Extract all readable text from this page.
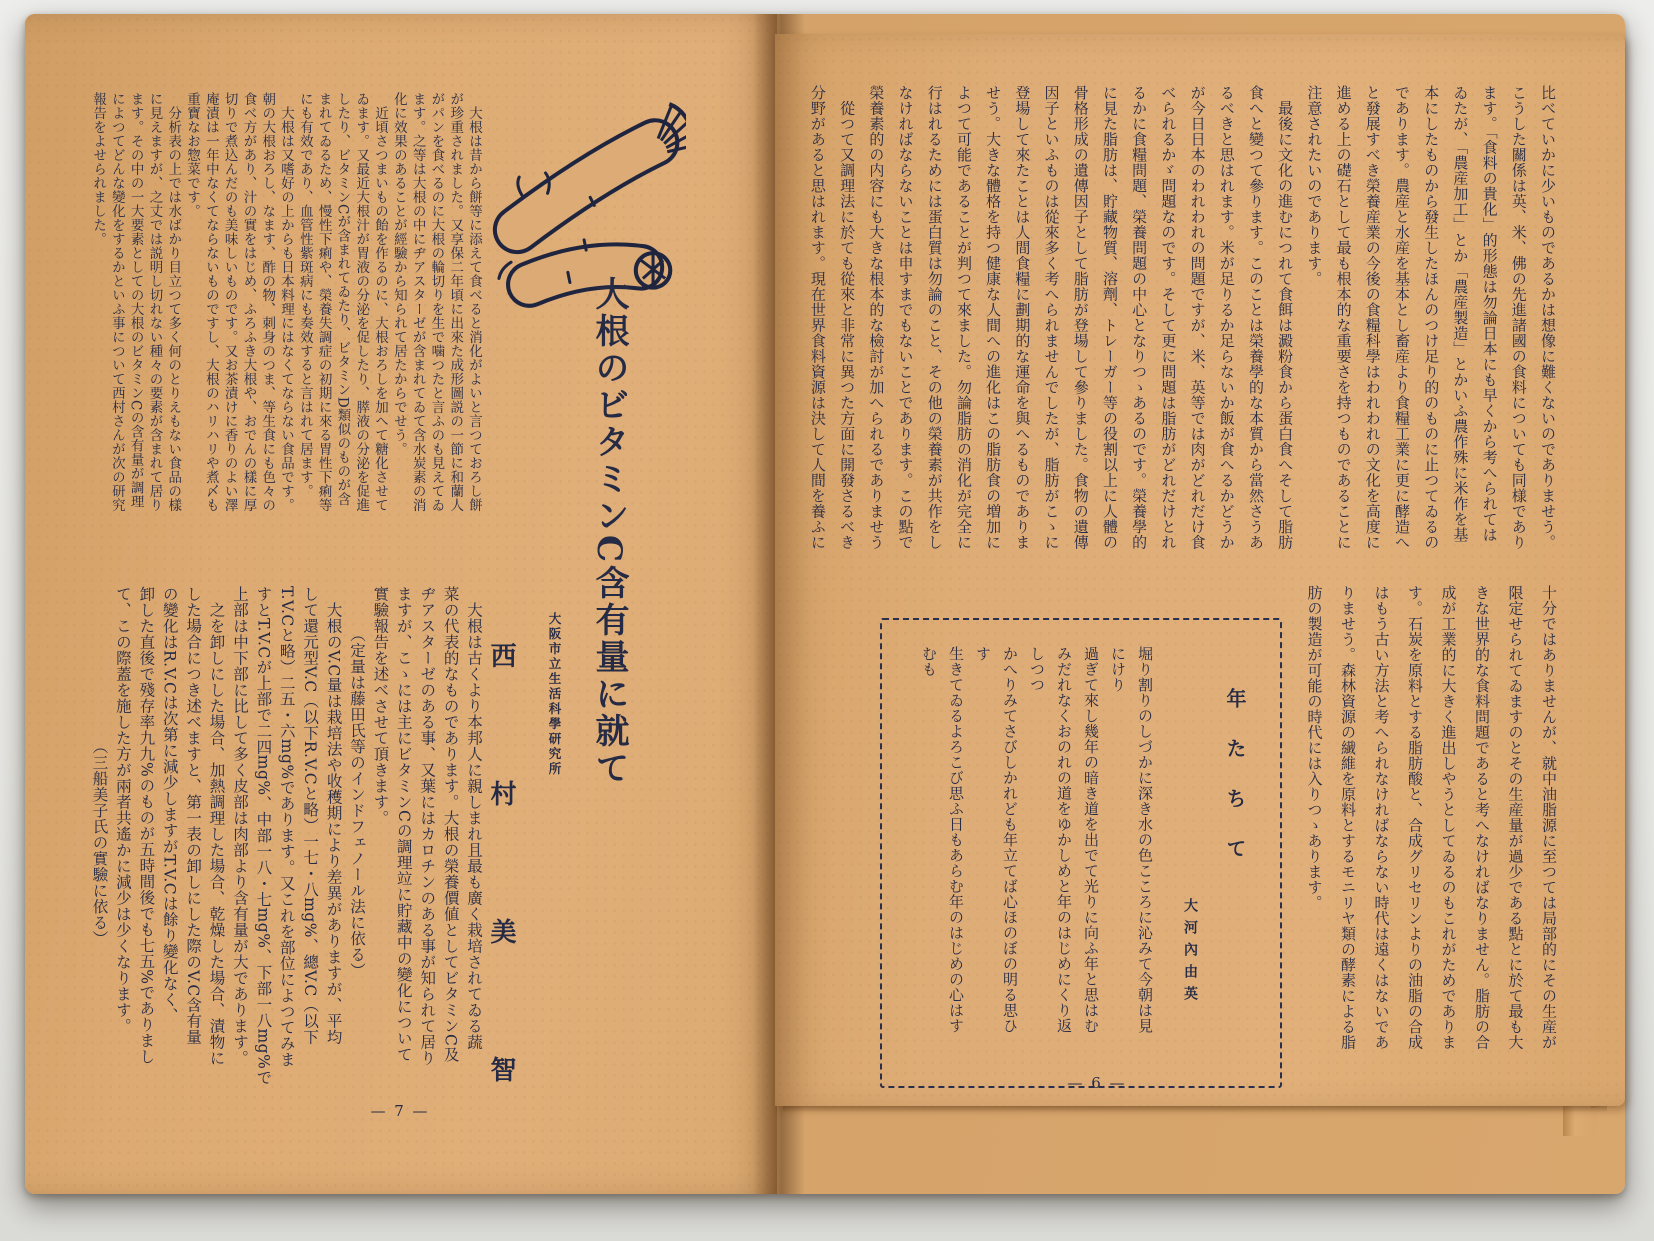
　大根は昔から餅等に添えて食べると消化がよいと言つておろし餅

が珍重されました。又享保二年頃に出來た成形圖説の一節に和蘭人

がパンを食べるのに大根の輪切りを生で噛つたと言ふのも見えてゐ

ます。之等は大根の中にヂアスターゼが含まれてゐて含水炭素の消

化に效果のあることが經驗から知られて居たからでせう。

　近頃さつまいもの飴を作るのに、大根おろしを加へて糖化させて

ゐます。又最近大根汁が胃液の分泌を促したり、膵液の分泌を促進

したり、ビタミンCが含まれてゐたり、ビタミンD類似のものが含

まれてゐるため、慢性下痢や、榮養失調症の初期に來る胃性下痢等

にも有效であり、血管性紫斑病にも奏效すると言はれて居ます。

　大根は又嗜好の上からも日本料理にはなくてならない食品です。

朝の大根おろし、なます、酢の物、刺身のつま、等生食にも色々の

食べ方があり、汁の實をはじめ、ふろふき大根や、おでんの樣に厚

切りで煮込んだのも美味しいものです。又お茶漬けに香りのよい澤

庵漬は一年中なくてならないものですし、大根のハリハリや煮〆も

重寶なお惣菜です。

　分析表の上では水ばかり目立つて多く何のとりえもない食品の樣

に見えますが、之丈では説明し切れない種々の要素が含まれて居り

ます。その中の一大要素としての大根のビタミンCの含有量が調理

によつてどんな變化をするかといふ事について西村さんが次の研究

報告をよせられました。

大根のビタミンC含有量に就て
大阪市立生活科學研究所
西村美智

　大根は古くより本邦人に親しまれ且最も廣く栽培されてゐる蔬

菜の代表的なものであります。大根の榮養價値としてビタミンC及

ヂアスターゼのある事、又葉にはカロチンのある事が知られて居り

ますが、こゝには主にビタミンCの調理竝に貯藏中の變化について

實驗報告を述べさせて頂きます。

　　　（定量は藤田氏等のインドフェノール法に依る）

　大根のV.C量は栽培法や收穫期により差異がありますが、平均

して還元型V.C（以下R.V.Cと略）一七・八mg%、總V.C（以下

T.V.Cと略）二五・六mg%であります。又これを部位によつてみま

すとT.V.Cが上部で二四mg%、中部一八・七mg%、下部一八mg%で

上部は中下部に比して多く皮部は肉部より含有量が大であります。

　之を卸しにした場合、加熱調理した場合、乾燥した場合、漬物に

した場合につき述べますと、第一表の卸しにした際のV.C含有量

の變化はR.V.Cは次第に減少しますがT.V.Cは餘り變化なく、

卸した直後で殘存率九九%のものが五時間後でも七五%でありまし

て、この際蓋を施した方が兩者共遙かに減少は少くなります。

　　　　　　　　　　（三船美子氏の實驗に依る）

— 7 —

比べていかに少いものであるかは想像に難くないのでありませう。

こうした關係は英、米、佛の先進諸國の食料についても同様であり

ます。「食料の貴化」的形態は勿論日本にも早くから考へられては

ゐたが、「農産加工」とか「農産製造」とかいふ農作殊に米作を基

本にしたものから發生したほんのつけ足り的のものに止つてゐるの

であります。農産と水産を基本とし畜産より食糧工業に更に酵造へ

と發展すべき榮養産業の今後の食糧科學はわれわれの文化を高度に

進める上の礎石として最も根本的な重要さを持つものであることに

注意されたいのであります。

　最後に文化の進むにつれて食餌は澱粉食から蛋白食へそして脂肪

食へと變つて參ります。このことは榮養學的な本質から當然さうあ

るべきと思はれます。米が足りるか足らないか飯が食へるかどうか

が今日日本のわれわれの問題ですが、米、英等では肉がどれだけ食

べられるかゞ問題なのです。そして更に問題は脂肪がどれだけとれ

るかに食糧問題、榮養問題の中心となりつゝあるのです。榮養學的

に見た脂肪は、貯藏物質、溶劑、トレーガー等の役割以上に人體の

骨格形成の遺傳因子として脂肪が登場して參りました。食物の遺傳

因子といふものは從來多く考へられませんでしたが、脂肪がこゝに

登場して來たことは人間食糧に劃期的な運命を與へるものでありま

せう。大きな體格を持つ健康な人間への進化はこの脂肪食の増加に

よつて可能であることが判つて來ました。勿論脂肪の消化が完全に

行はれるためには蛋白質は勿論のこと、その他の榮養素が共作をし

なければならないことは申すまでもないことであります。この點で

榮養素的の内容にも大きな根本的な檢討が加へられるでありませう

　從つて又調理法に於ても從來と非常に異つた方面に開發さるべき

分野があると思はれます。現在世界食料資源は決して人間を養ふに

十分ではありませんが、就中油脂源に至つては局部的にその生産が

限定せられてゐますのとその生産量が過少である點とに於て最も大

きな世界的な食料問題であると考へなければなりません。脂肪の合

成が工業的に大きく進出しやうとしてゐるのもこれがためでありま

す。石炭を原料とする脂肪酸と、合成グリセリンよりの油脂の合成

はもう古い方法と考へられなければならない時代は遠くはないであ

りませう。森林資源の繊維を原料とするモニリヤ類の酵素による脂

肪の製造が可能の時代には入りつゝあります。

年たちて
大河內由英

堀り割りのしづかに深き水の色こころに沁みて今朝は見

にけり

過ぎて來し幾年の暗き道を出でて光りに向ふ年と思はむ

みだれなくおのれの道をゆかしめと年のはじめにくり返

しつつ

かへりみてさびしかれども年立てば心ほのぼの明る思ひ

す

生きてゐるよろこび思ふ日もあらむ年のはじめの心はす

むも

— 6 —
